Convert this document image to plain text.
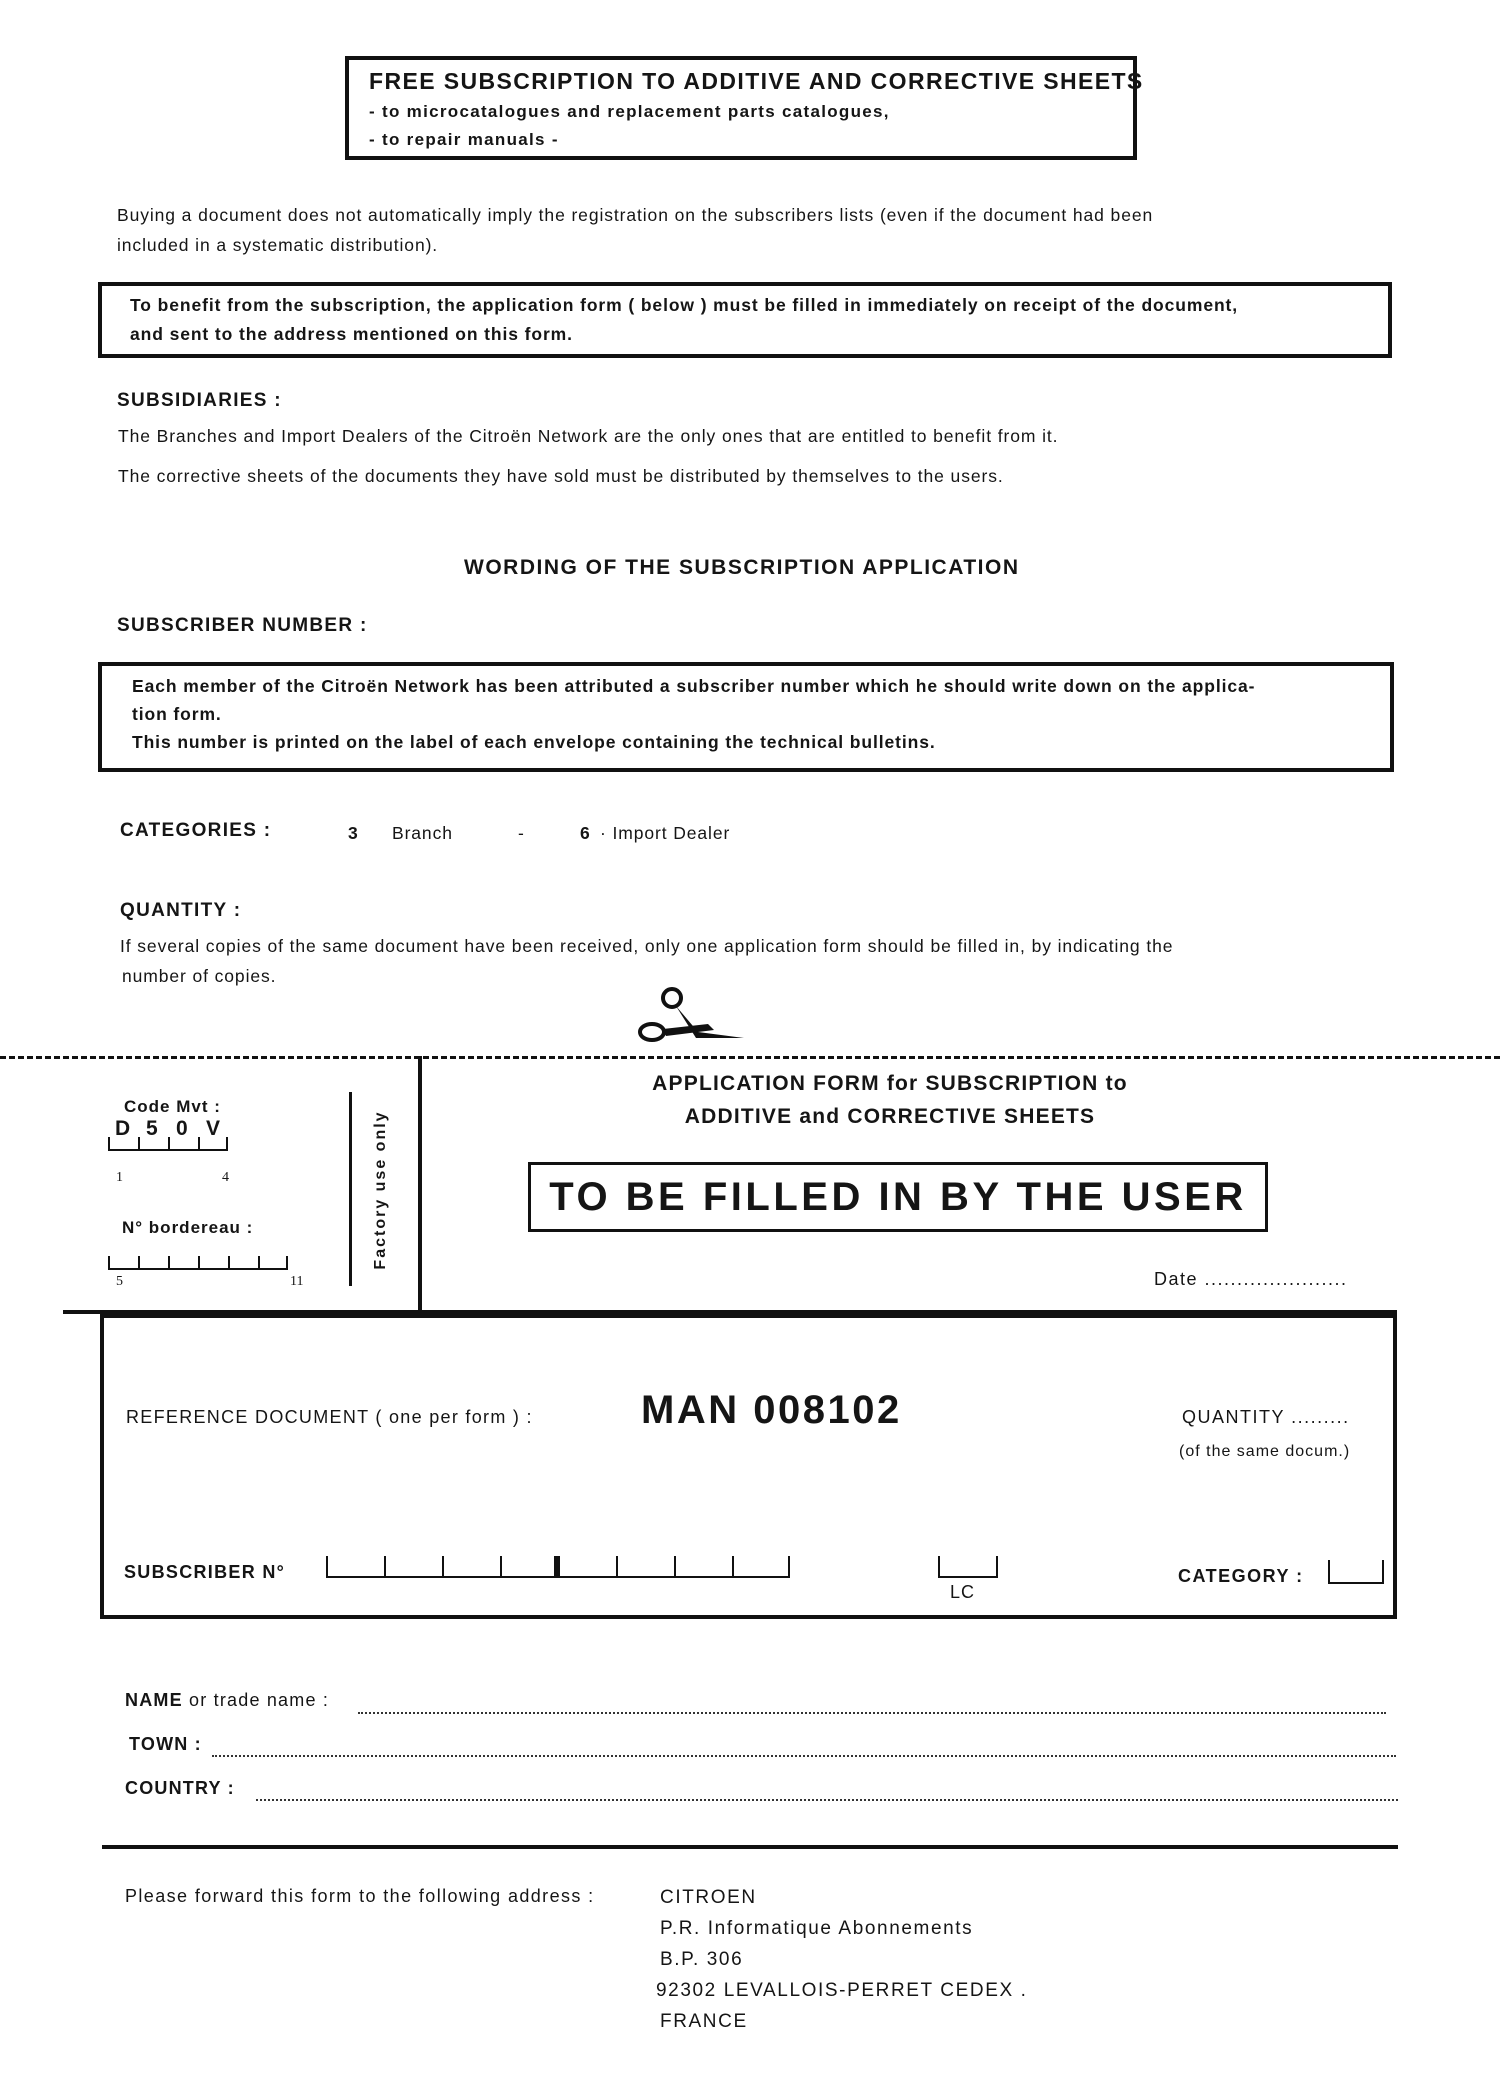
FREE SUBSCRIPTION TO ADDITIVE AND CORRECTIVE SHEETS
- to microcatalogues and replacement parts catalogues,
- to repair manuals -
Buying a document does not automatically imply the registration on the subscribers lists (even if the document had been
included in a systematic distribution).
To benefit from the subscription, the application form ( below ) must be filled in immediately on receipt of the document,
and sent to the address mentioned on this form.
SUBSIDIARIES :
The Branches and Import Dealers of the Citroën Network are the only ones that are entitled to benefit from it.
The corrective sheets of the documents they have sold must be distributed by themselves to the users.
WORDING OF THE SUBSCRIPTION APPLICATION
SUBSCRIBER NUMBER :
Each member of the Citroën Network has been attributed a subscriber number which he should write down on the applica-
tion form.
This number is printed on the label of each envelope containing the technical bulletins.
CATEGORIES :	3 Branch	-	6 · Import Dealer
QUANTITY :
If several copies of the same document have been received, only one application form should be filled in, by indicating the
number of copies.
Code Mvt :
D 5 0 V
1	4
N° bordereau :
5	11
Factory use only
APPLICATION FORM for SUBSCRIPTION to
ADDITIVE and CORRECTIVE SHEETS
TO BE FILLED IN BY THE USER
Date ......................
REFERENCE DOCUMENT ( one per form ) :	MAN 008102	QUANTITY .........
(of the same docum.)
SUBSCRIBER N°
LC
CATEGORY :
NAME or trade name :
TOWN :
COUNTRY :
Please forward this form to the following address :	CITROEN
P.R. Informatique Abonnements
B.P. 306
92302 LEVALLOIS-PERRET CEDEX .
FRANCE
